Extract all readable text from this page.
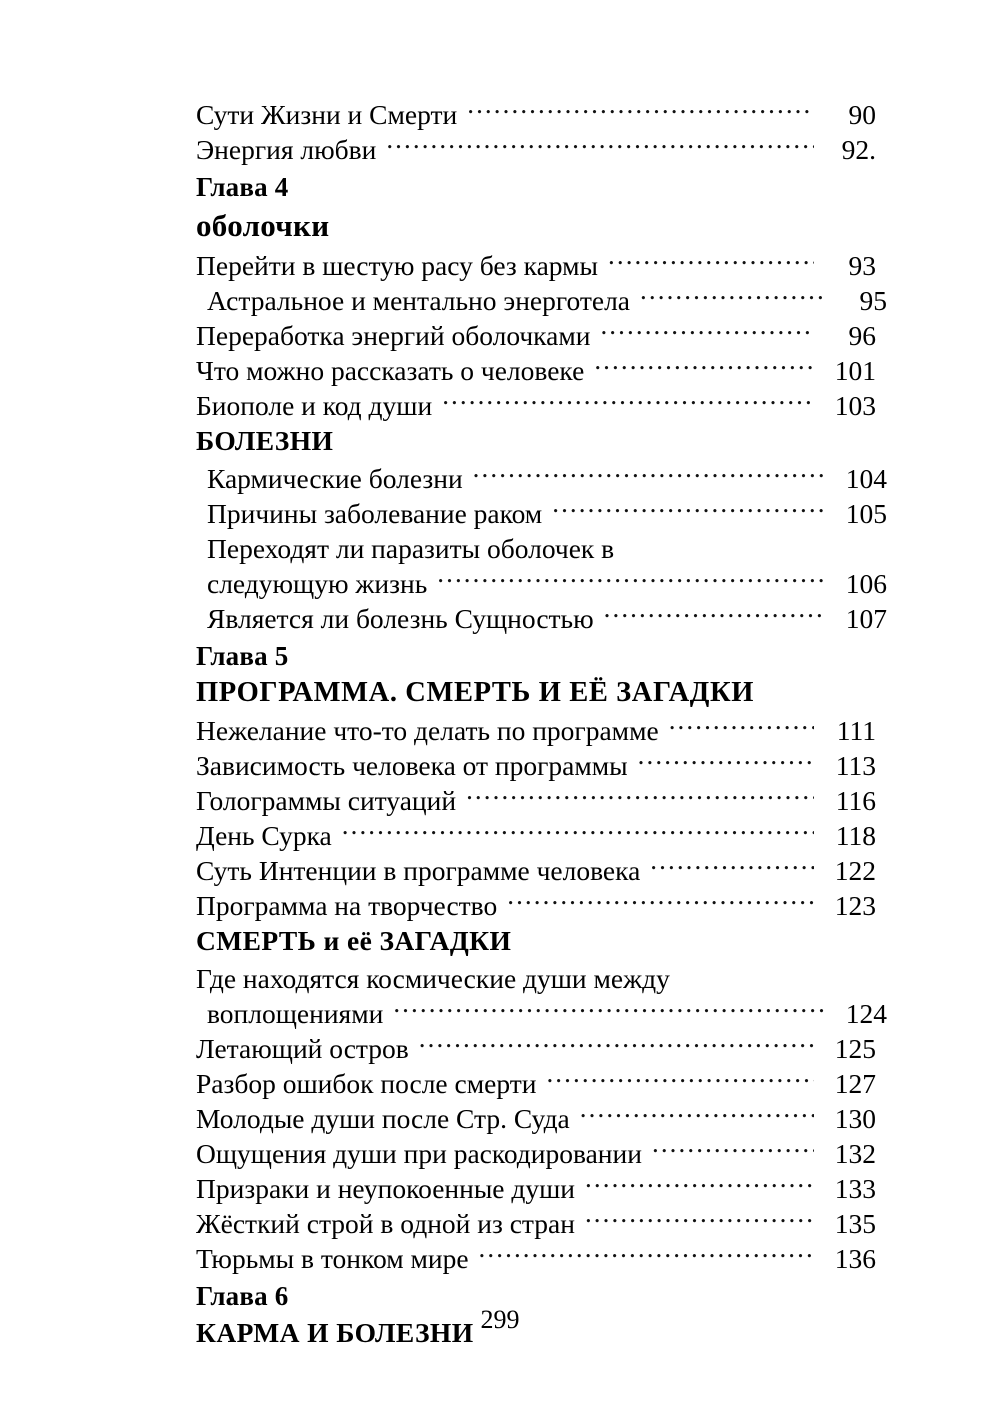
Сути Жизни и Смерти .....	90
Энергия любви .....	92.
Глава 4
оболочки
Перейти в шестую расу без кармы .....	93
Астральное и ментально энерготела .....	95
Переработка энергий оболочками .....	96
Что можно рассказать о человеке .....	101
Биополе и код души .....	103
БОЛЕЗНИ
Кармические болезни .....	104
Причины заболевание раком .....	105
Переходят ли паразиты оболочек в
следующую жизнь .....	106
Является ли болезнь Сущностью .....	107
Глава 5
ПРОГРАММА. СМЕРТЬ И ЕЁ ЗАГАДКИ
Нежелание что-то делать по программе .....	111
Зависимость человека от программы .....	113
Голограммы ситуаций .....	116
День Сурка .....	118
Суть Интенции в программе человека .....	122
Программа на творчество .....	123
СМЕРТЬ и её ЗАГАДКИ
Где находятся космические души между
воплощениями .....	124
Летающий остров .....	125
Разбор ошибок после смерти .....	127
Молодые души после Стр. Суда .....	130
Ощущения души при раскодировании .....	132
Призраки и неупокоенные души .....	133
Жёсткий строй в одной из стран .....	135
Тюрьмы в тонком мире .....	136
Глава 6
КАРМА И БОЛЕЗНИ 299
